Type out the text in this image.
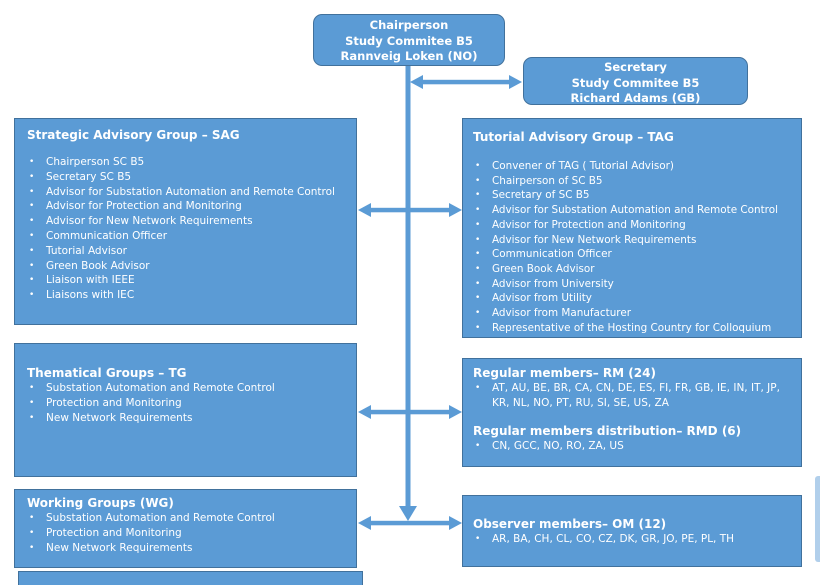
Chairperson
Study Commitee B5
Rannveig Loken (NO)
Secretary
Study Commitee B5
Richard Adams (GB)
Strategic Advisory Group – SAG
• Chairperson SC B5
• Secretary SC B5
• Advisor for Substation Automation and Remote Control
• Advisor for Protection and Monitoring
• Advisor for New Network Requirements
• Communication Officer
• Tutorial Advisor
• Green Book Advisor
• Liaison with IEEE
• Liaisons with IEC
Tutorial Advisory Group – TAG
• Convener of TAG ( Tutorial Advisor)
• Chairperson of SC B5
• Secretary of SC B5
• Advisor for Substation Automation and Remote Control
• Advisor for Protection and Monitoring
• Advisor for New Network Requirements
• Communication Officer
• Green Book Advisor
• Advisor from University
• Advisor from Utility
• Advisor from Manufacturer
• Representative of the Hosting Country for Colloquium
Thematical Groups – TG
• Substation Automation and Remote Control
• Protection and Monitoring
• New Network Requirements
Regular members– RM (24)
• AT, AU, BE, BR, CA, CN, DE, ES, FI, FR, GB, IE, IN, IT, JP, KR, NL, NO, PT, RU, SI, SE, US, ZA
Regular members distribution– RMD (6)
• CN, GCC, NO, RO, ZA, US
Working Groups (WG)
• Substation Automation and Remote Control
• Protection and Monitoring
• New Network Requirements
Observer members– OM (12)
• AR, BA, CH, CL, CO, CZ, DK, GR, JO, PE, PL, TH
